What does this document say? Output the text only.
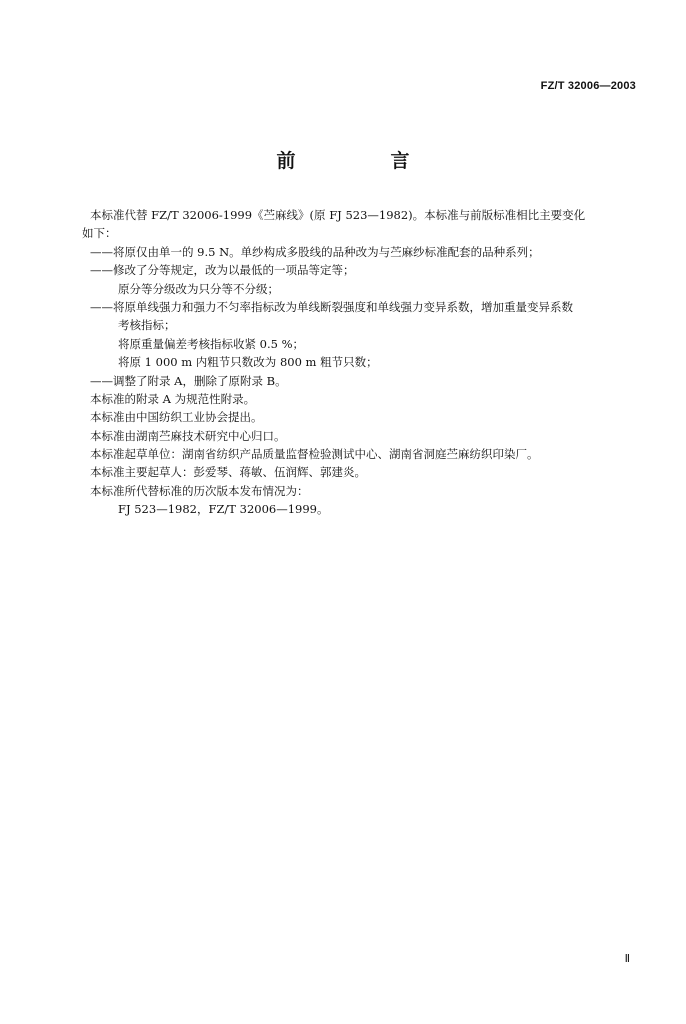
FZ/T 32006—2003
前　言
本标准代替 FZ/T 32006-1999《苎麻线》(原 FJ 523—1982)。本标准与前版标准相比主要变化
如下：
——将原仅由单一的 9.5 N。单纱构成多股线的品种改为与苎麻纱标准配套的品种系列；
——修改了分等规定，改为以最低的一项品等定等；
原分等分级改为只分等不分级；
——将原单线强力和强力不匀率指标改为单线断裂强度和单线强力变异系数，增加重量变异系数
考核指标；
将原重量偏差考核指标收紧 0.5 %；
将原 1 000 m 内粗节只数改为 800 m 粗节只数；
——调整了附录 A，删除了原附录 B。
本标准的附录 A 为规范性附录。
本标准由中国纺织工业协会提出。
本标准由湖南苎麻技术研究中心归口。
本标准起草单位：湖南省纺织产品质量监督检验测试中心、湖南省洞庭苎麻纺织印染厂。
本标准主要起草人：彭爱琴、蒋敏、伍润辉、郭建炎。
本标准所代替标准的历次版本发布情况为：
FJ 523—1982，FZ/T 32006—1999。
Ⅱ
